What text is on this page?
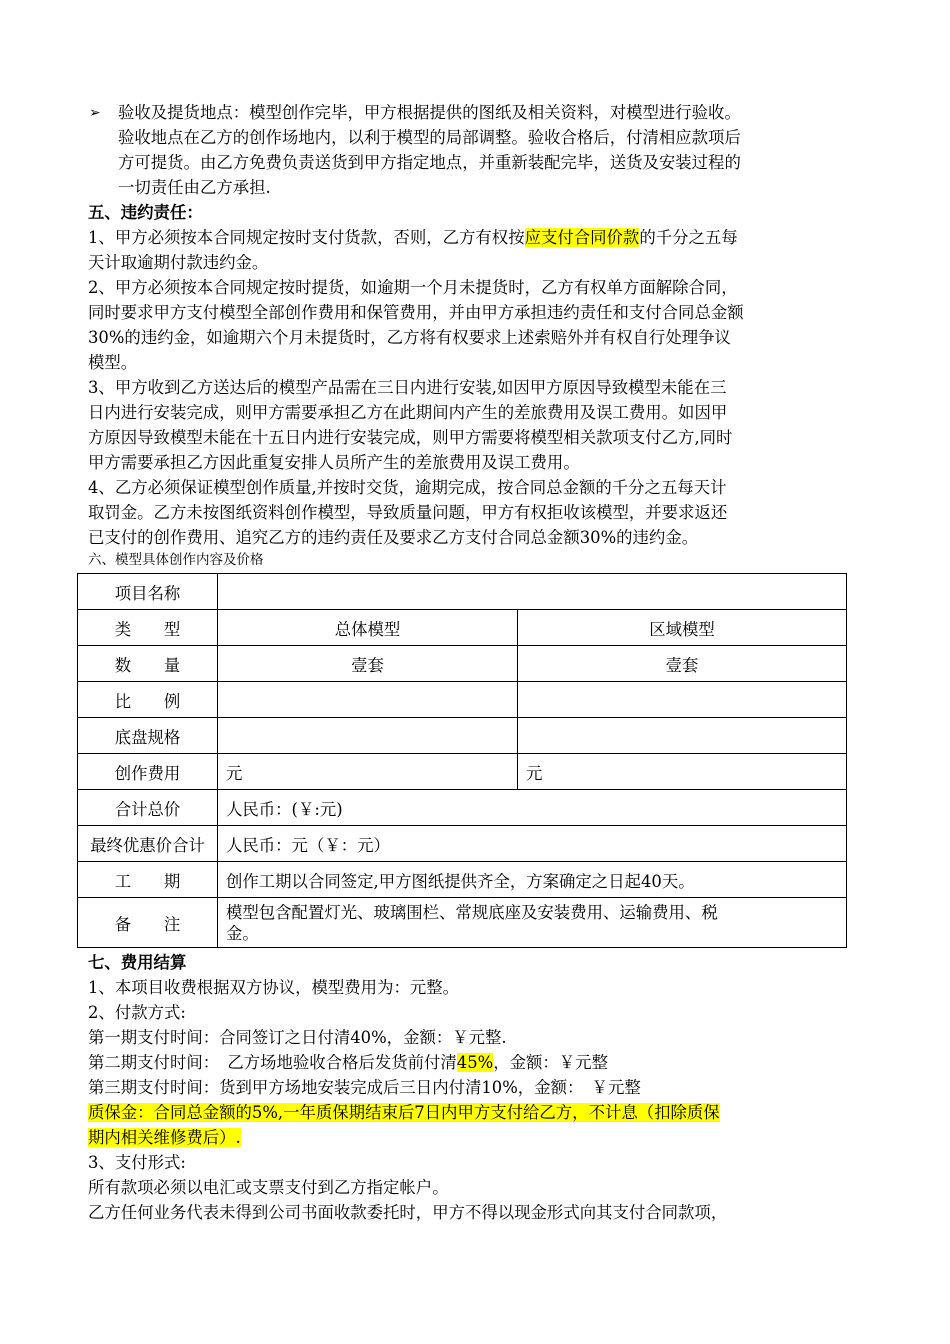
➢ 验收及提货地点：模型创作完毕，甲方根据提供的图纸及相关资料，对模型进行验收。
验收地点在乙方的创作场地内，以利于模型的局部调整。验收合格后，付清相应款项后
方可提货。由乙方免费负责送货到甲方指定地点，并重新装配完毕，送货及安装过程的
一切责任由乙方承担.
五、违约责任：
1、甲方必须按本合同规定按时支付货款，否则，乙方有权按应支付合同价款的千分之五每
天计取逾期付款违约金。
2、甲方必须按本合同规定按时提货，如逾期一个月未提货时，乙方有权单方面解除合同，
同时要求甲方支付模型全部创作费用和保管费用，并由甲方承担违约责任和支付合同总金额
30%的违约金，如逾期六个月未提货时，乙方将有权要求上述索赔外并有权自行处理争议
模型。
3、甲方收到乙方送达后的模型产品需在三日内进行安装,如因甲方原因导致模型未能在三
日内进行安装完成，则甲方需要承担乙方在此期间内产生的差旅费用及误工费用。如因甲
方原因导致模型未能在十五日内进行安装完成，则甲方需要将模型相关款项支付乙方,同时
甲方需要承担乙方因此重复安排人员所产生的差旅费用及误工费用。
4、乙方必须保证模型创作质量,并按时交货，逾期完成，按合同总金额的千分之五每天计
取罚金。乙方未按图纸资料创作模型，导致质量问题，甲方有权拒收该模型，并要求返还
已支付的创作费用、追究乙方的违约责任及要求乙方支付合同总金额30%的违约金。
六、模型具体创作内容及价格
项目名称		
类　　型	总体模型	区域模型
数　　量	壹套	壹套
比　　例		
底盘规格		
创作费用	元	元
合计总价	人民币：(￥:元)	
最终优惠价合计	人民币：元（￥：元）	
工　　期	创作工期以合同签定,甲方图纸提供齐全，方案确定之日起40天。	
备　　注	模型包含配置灯光、玻璃围栏、常规底座及安装费用、运输费用、税
金。	
七、费用结算
1、本项目收费根据双方协议，模型费用为：元整。
2、付款方式:
第一期支付时间：合同签订之日付清40%，金额：￥元整.
第二期支付时间：　乙方场地验收合格后发货前付清45%，金额：￥元整
第三期支付时间：货到甲方场地安装完成后三日内付清10%，金额：　￥元整
质保金：合同总金额的5%,一年质保期结束后7日内甲方支付给乙方，不计息（扣除质保
期内相关维修费后）.
3、支付形式:
所有款项必须以电汇或支票支付到乙方指定帐户。
乙方任何业务代表未得到公司书面收款委托时，甲方不得以现金形式向其支付合同款项，
